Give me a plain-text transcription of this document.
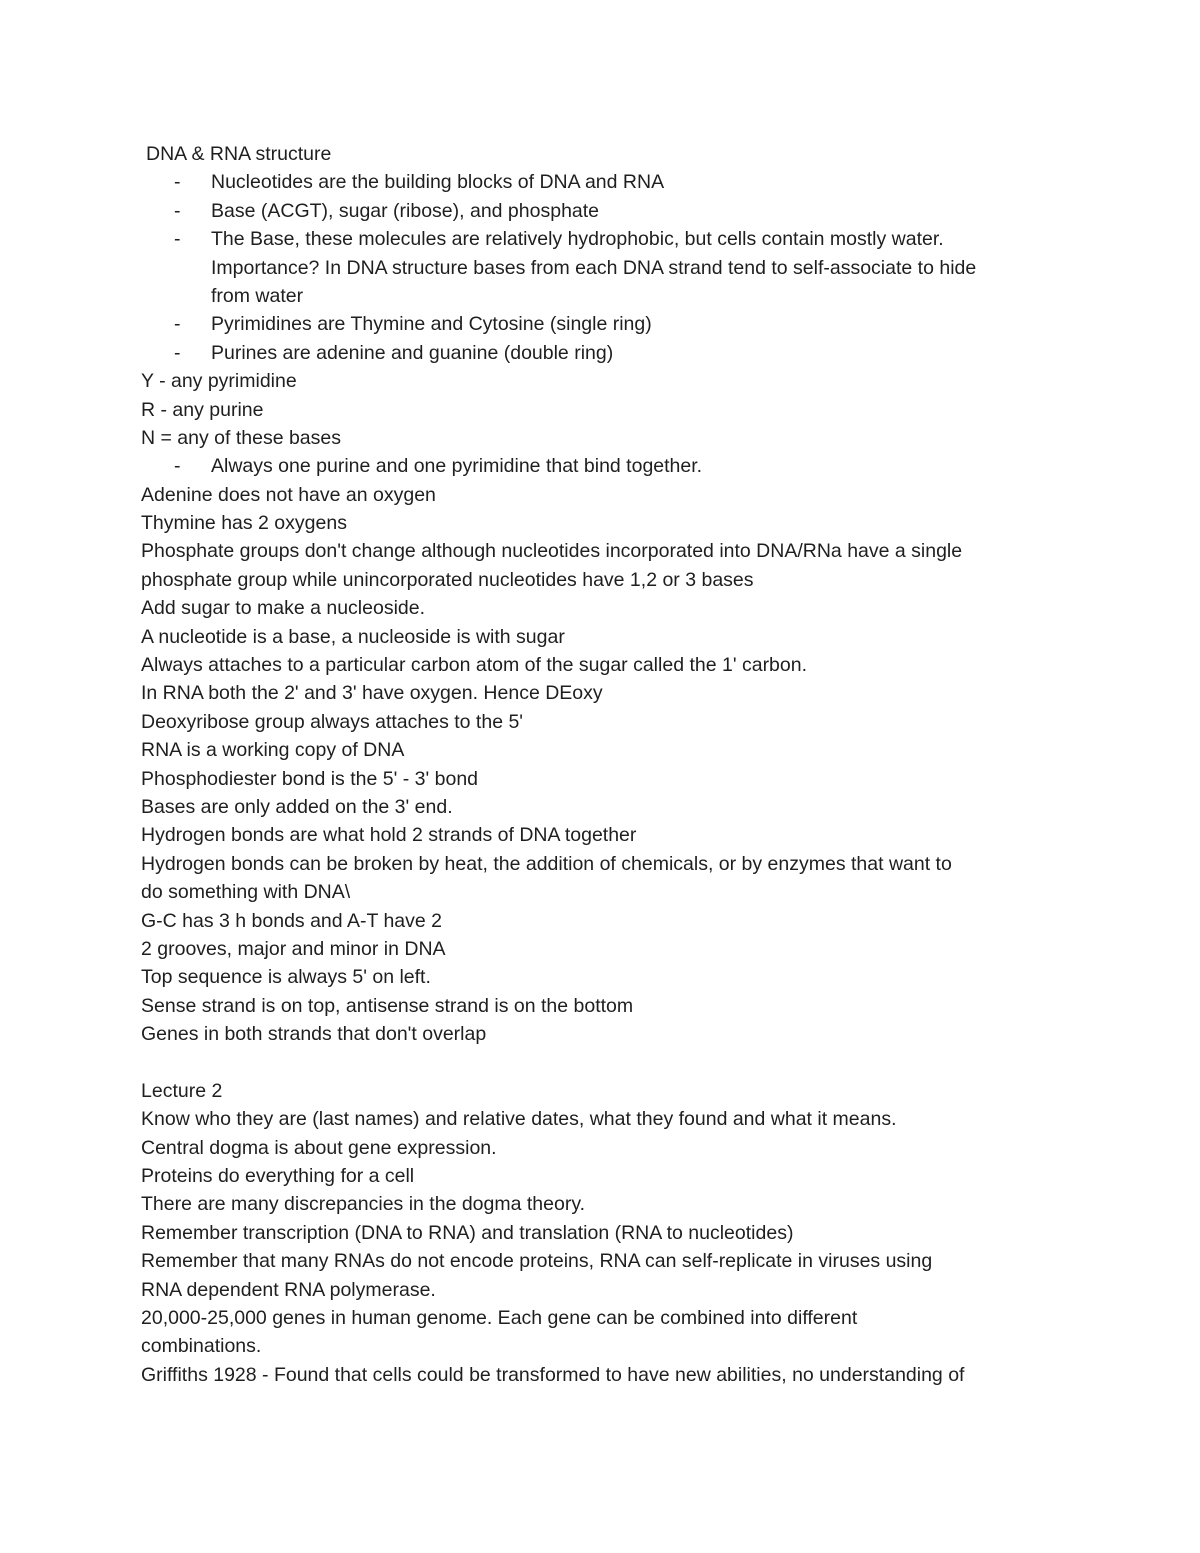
DNA & RNA structure
- Nucleotides are the building blocks of DNA and RNA
- Base (ACGT), sugar (ribose), and phosphate
- The Base, these molecules are relatively hydrophobic, but cells contain mostly water.
Importance? In DNA structure bases from each DNA strand tend to self-associate to hide
from water
- Pyrimidines are Thymine and Cytosine (single ring)
- Purines are adenine and guanine (double ring)
Y - any pyrimidine
R - any purine
N = any of these bases
- Always one purine and one pyrimidine that bind together.
Adenine does not have an oxygen
Thymine has 2 oxygens
Phosphate groups don't change although nucleotides incorporated into DNA/RNa have a single
phosphate group while unincorporated nucleotides have 1,2 or 3 bases
Add sugar to make a nucleoside.
A nucleotide is a base, a nucleoside is with sugar
Always attaches to a particular carbon atom of the sugar called the 1' carbon.
In RNA both the 2' and 3' have oxygen. Hence DEoxy
Deoxyribose group always attaches to the 5'
RNA is a working copy of DNA
Phosphodiester bond is the 5' - 3' bond
Bases are only added on the 3' end.
Hydrogen bonds are what hold 2 strands of DNA together
Hydrogen bonds can be broken by heat, the addition of chemicals, or by enzymes that want to
do something with DNA\
G-C has 3 h bonds and A-T have 2
2 grooves, major and minor in DNA
Top sequence is always 5' on left.
Sense strand is on top, antisense strand is on the bottom
Genes in both strands that don't overlap
Lecture 2
Know who they are (last names) and relative dates, what they found and what it means.
Central dogma is about gene expression.
Proteins do everything for a cell
There are many discrepancies in the dogma theory.
Remember transcription (DNA to RNA) and translation (RNA to nucleotides)
Remember that many RNAs do not encode proteins, RNA can self-replicate in viruses using
RNA dependent RNA polymerase.
20,000-25,000 genes in human genome. Each gene can be combined into different
combinations.
Griffiths 1928 - Found that cells could be transformed to have new abilities, no understanding of
